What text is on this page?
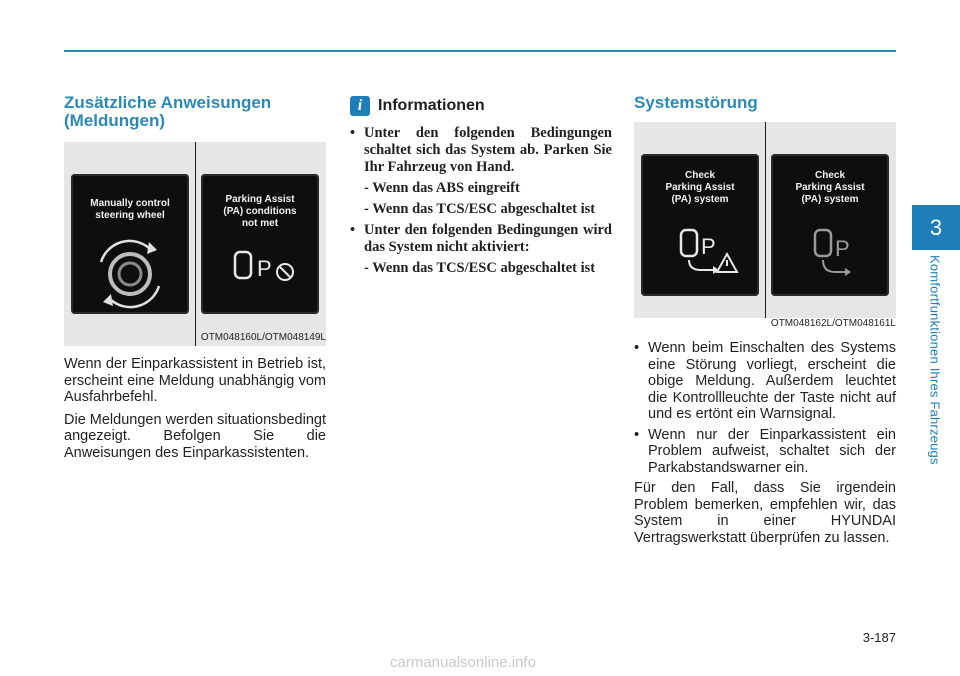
3
Komfortfunktionen Ihres Fahrzeugs
Zusätzliche Anweisungen (Meldungen)
Manually control
steering wheel
Parking Assist
(PA) conditions
not met
P
OTM048160L/OTM048149L

Wenn der Einparkassistent in Betrieb ist, erscheint eine Meldung unabhängig vom Ausfahrbefehl.

Die Meldungen werden situationsbedingt angezeigt. Befolgen Sie die Anweisungen des Einparkassistenten.

i Informationen
• Unter den folgenden Bedingungen schaltet sich das System ab. Parken Sie Ihr Fahrzeug von Hand.
- Wenn das ABS eingreift
- Wenn das TCS/ESC abgeschaltet ist
• Unter den folgenden Bedingungen wird das System nicht aktiviert:
- Wenn das TCS/ESC abgeschaltet ist
Systemstörung
Check
Parking Assist
(PA) system
P
Check
Parking Assist
(PA) system
P
OTM048162L/OTM048161L
• Wenn beim Einschalten des Systems eine Störung vorliegt, erscheint die obige Meldung. Außerdem leuchtet die Kontrollleuchte der Taste nicht auf und es ertönt ein Warnsignal.
• Wenn nur der Einparkassistent ein Problem aufweist, schaltet sich der Parkabstandswarner ein.

Für den Fall, dass Sie irgendein Problem bemerken, empfehlen wir, das System in einer HYUNDAI Vertragswerkstatt überprüfen zu lassen.

3-187
carmanualsonline.info
